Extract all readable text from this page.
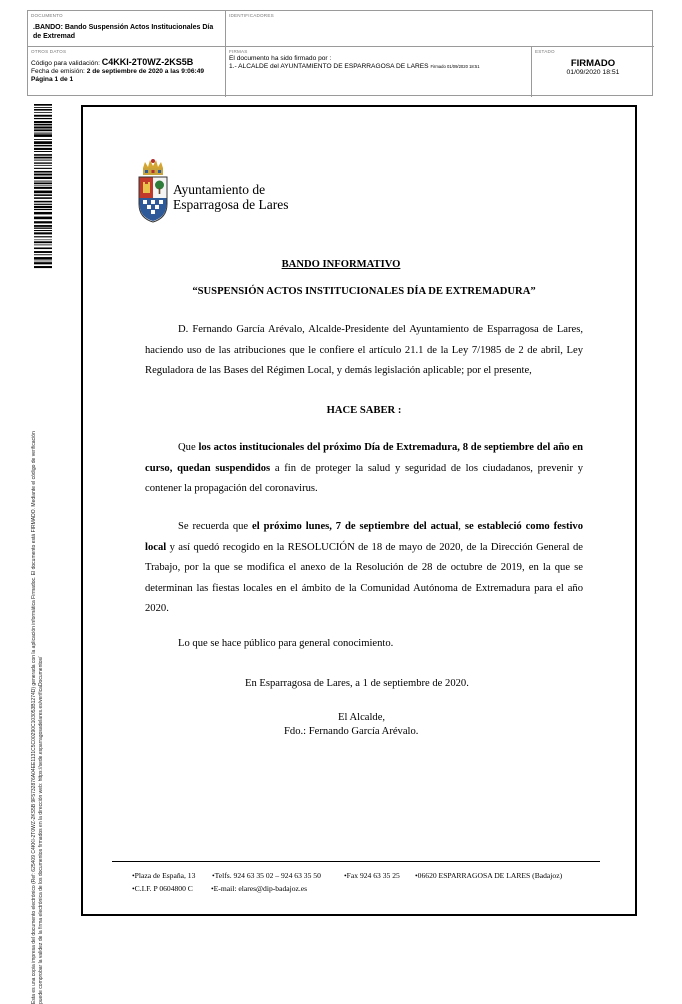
DOCUMENTO
.BANDO: Bando Suspensión Actos Institucionales Día de Extremad
IDENTIFICADORES
OTROS DATOS
Código para validación: C4KKI-2T0WZ-2KS5B
Fecha de emisión: 2 de septiembre de 2020 a las 9:06:49
Página 1 de 1
FIRMAS
El documento ha sido firmado por :
1.- ALCALDE del AYUNTAMIENTO DE ESPARRAGOSA DE LARES Firmado 01/09/2020 18:51
ESTADO
FIRMADO
01/09/2020 18:51
Esta es una copia impresa del documento electrónico (Ref: 625409 C4KKI-2T0WZ-2KS5B 9F5732876A04EE1131C5C00290C103053B1274D) generada con la aplicación informática Firmadoc. El documento está FIRMADO. Mediante el código de verificación puede comprobar la validez de la firma electrónica de los documentos firmados en la dirección web: https://sede.esparragosadelares.es/verificaDocumentos/
Ayuntamiento de
Esparragosa de Lares
BANDO INFORMATIVO
“SUSPENSIÓN ACTOS INSTITUCIONALES DÍA DE EXTREMADURA”
D. Fernando García Arévalo, Alcalde-Presidente del Ayuntamiento de Esparragosa de Lares, haciendo uso de las atribuciones que le confiere el artículo 21.1 de la Ley 7/1985 de 2 de abril, Ley Reguladora de las Bases del Régimen Local, y demás legislación aplicable; por el presente,
HACE SABER :
Que los actos institucionales del próximo Día de Extremadura, 8 de septiembre del año en curso, quedan suspendidos a fin de proteger la salud y seguridad de los ciudadanos, prevenir y contener la propagación del coronavirus.
Se recuerda que el próximo lunes, 7 de septiembre del actual, se estableció como festivo local y así quedó recogido en la RESOLUCIÓN de 18 de mayo de 2020, de la Dirección General de Trabajo, por la que se modifica el anexo de la Resolución de 28 de octubre de 2019, en la que se determinan las fiestas locales en el ámbito de la Comunidad Autónoma de Extremadura para el año 2020.
Lo que se hace público para general conocimiento.
En Esparragosa de Lares, a 1 de septiembre de 2020.
El Alcalde,
Fdo.: Fernando García Arévalo.
•Plaza de España, 13 •Telfs. 924 63 35 02 – 924 63 35 50	•Fax 924 63 35 25 •06620 ESPARRAGOSA DE LARES (Badajoz)
•C.I.F. P 0604800 C •E-mail: elares@dip-badajoz.es
